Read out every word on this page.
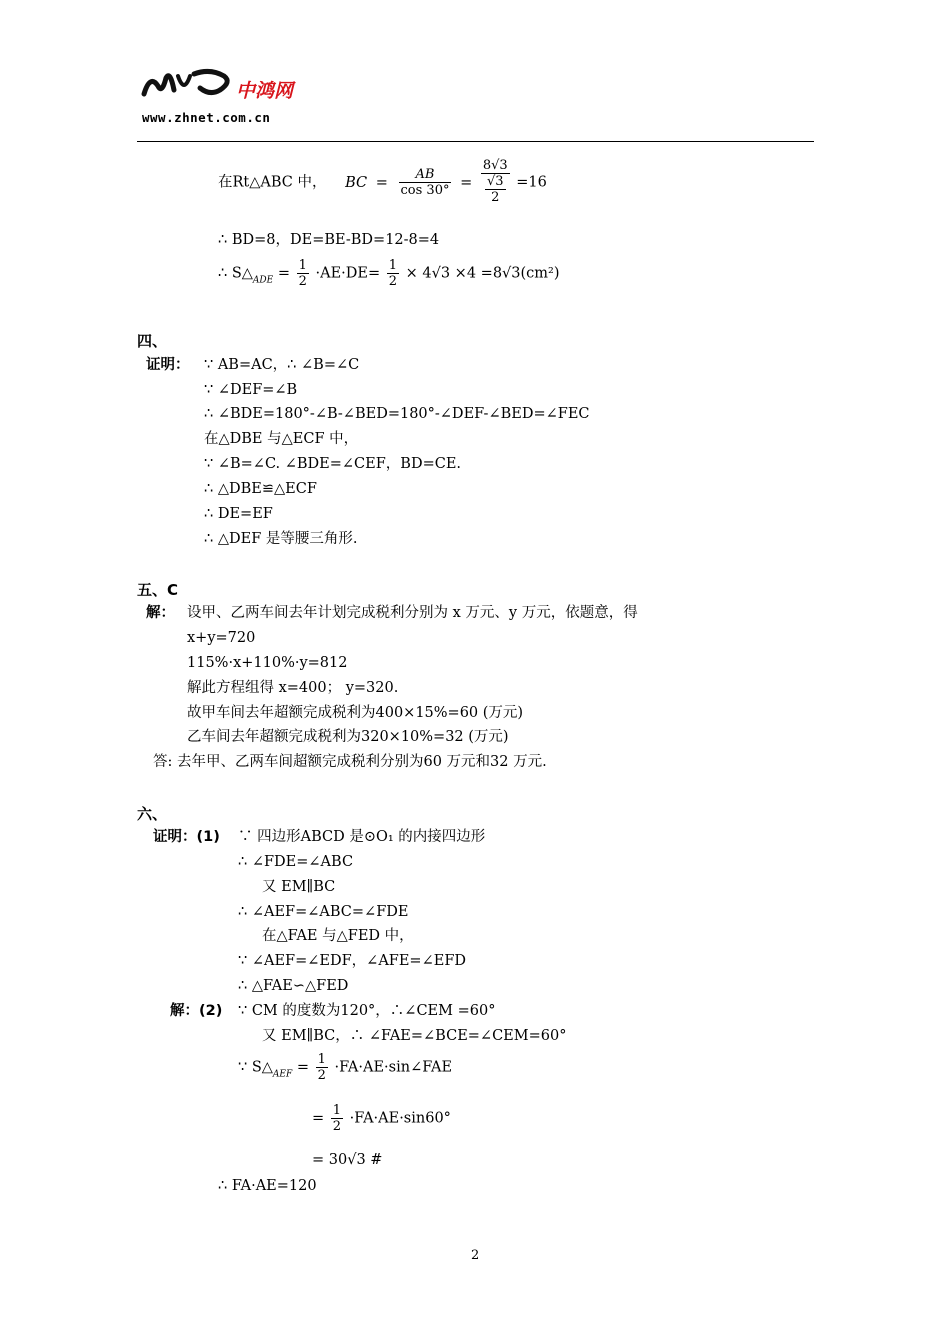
中鸿网
www.zhnet.com.cn
在Rt△ABC 中， BC = $\frac{AB}{\cos 30^\circ} = \frac{8√3}{\frac{√3}{2}} =16$
∴ BD=8，DE=BE-BD=12-8=4
∴ $S\triangle_{ADE} = \frac{1}{2} \cdot AE\cdot DE= \frac{1}{2} \times 4√3 \times 4 =8√3(cm^2)$
四、
证明： ∵ AB=AC，∴ ∠B=∠C
∵ ∠DEF=∠B
∴ ∠BDE=180°-∠B-∠BED=180°-∠DEF-∠BED=∠FEC
在△DBE 与△ECF 中，
∵ ∠B=∠C. ∠BDE=∠CEF，BD=CE.
∴ △DBE≌△ECF
∴ DE=EF
∴ △DEF 是等腰三角形.
五、C
解： 设甲、乙两车间去年计划完成税利分别为 x 万元、y 万元，依题意，得
x+y=720
115%·x+110%·y=812
解此方程组得 x=400； y=320.
故甲车间去年超额完成税利为400×15%=60 (万元)
乙车间去年超额完成税利为320×10%=32 (万元)
答: 去年甲、乙两车间超额完成税利分别为60 万元和32 万元.
六、
证明：(1) ∵ 四边形ABCD 是⊙O₁ 的内接四边形
∴ ∠FDE=∠ABC
又 EM∥BC
∴ ∠AEF=∠ABC=∠FDE
在△FAE 与△FED 中，
∵ ∠AEF=∠EDF，∠AFE=∠EFD
∴ △FAE∽△FED
解：(2) ∵ CM 的度数为120°，∴∠CEM =60°
又 EM∥BC，∴ ∠FAE=∠BCE=∠CEM=60°
∵ $S\triangle_{AEF} = \frac{1}{2}$ ·FA·AE·sin∠FAE
= $\frac{1}{2} \cdot FA\cdot AE\cdot\sin 60^\circ$
= 30√3 #
∴ FA·AE=120
2
